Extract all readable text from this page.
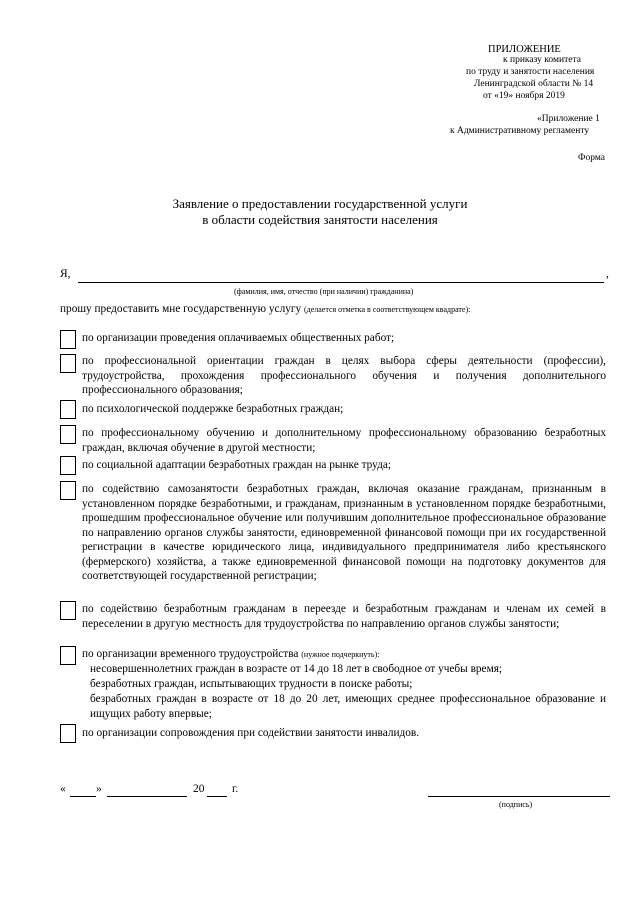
ПРИЛОЖЕНИЕ
к приказу комитета
по труду и занятости населения
Ленинградской области № 14
от «19» ноября 2019
«Приложение 1
к Административному регламенту
Форма
Заявление о предоставлении государственной услуги
в области содействия занятости населения
Я,	,
(фамилия, имя, отчество (при наличии) гражданина)
прошу предоставить мне государственную услугу (делается отметка в соответствующем квадрате):
по организации проведения оплачиваемых общественных работ;
по профессиональной ориентации граждан в целях выбора сферы деятельности (профессии), трудоустройства, прохождения профессионального обучения и получения дополнительного профессионального образования;
по психологической поддержке безработных граждан;
по профессиональному обучению и дополнительному профессиональному образованию безработных граждан, включая обучение в другой местности;
по социальной адаптации безработных граждан на рынке труда;
по содействию самозанятости безработных граждан, включая оказание гражданам, признанным в установленном порядке безработными, и гражданам, признанным в установленном порядке безработными, прошедшим профессиональное обучение или получившим дополнительное профессиональное образование по направлению органов службы занятости, единовременной финансовой помощи при их государственной регистрации в качестве юридического лица, индивидуального предпринимателя либо крестьянского (фермерского) хозяйства, а также единовременной финансовой помощи на подготовку документов для соответствующей государственной регистрации;
по содействию безработным гражданам в переезде и безработным гражданам и членам их семей в переселении в другую местность для трудоустройства по направлению органов службы занятости;
по организации временного трудоустройства (нужное подчеркнуть):
несовершеннолетних граждан в возрасте от 14 до 18 лет в свободное от учебы время;
безработных граждан, испытывающих трудности в поиске работы;
безработных граждан в возрасте от 18 до 20 лет, имеющих среднее профессиональное образование и ищущих работу впервые;
по организации сопровождения при содействии занятости инвалидов.
«	»	20 г.
(подпись)
